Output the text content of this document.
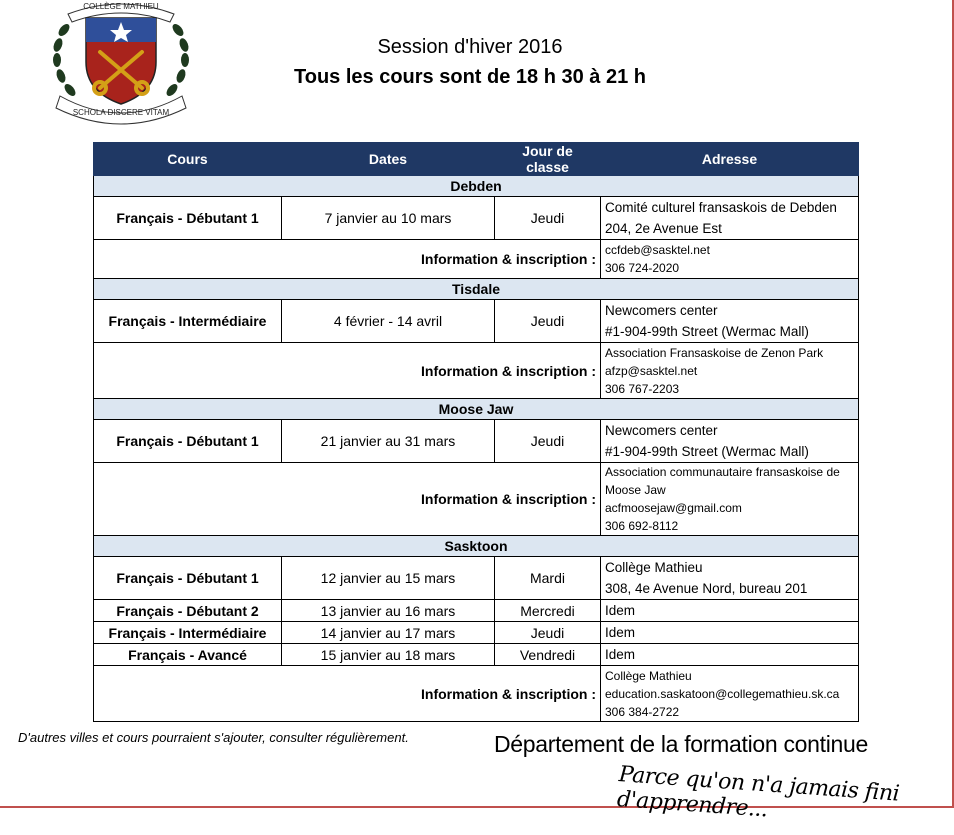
COLLÈGE MATHIEU
SCHOLA DISCERE VITAM
Session d'hiver 2016
Tous les cours sont de 18 h 30 à 21 h
Cours	Dates	Jour de classe	Adresse
Debden			
Français - Débutant 1	7 janvier au 10 mars	Jeudi	Comité culturel fransaskois de Debden
204, 2e Avenue Est

Information & inscription :			ccfdeb@sasktel.net
306 724-2020

Tisdale			
Français - Intermédiaire	4 février - 14 avril	Jeudi	Newcomers center
#1-904-99th Street (Wermac Mall)

Information & inscription :			Association Fransaskoise de Zenon Park
afzp@sasktel.net
306 767-2203

Moose Jaw			
Français - Débutant 1	21 janvier au 31 mars	Jeudi	Newcomers center
#1-904-99th Street (Wermac Mall)

Information & inscription :			Association communautaire fransaskoise de Moose Jaw
acfmoosejaw@gmail.com
306 692-8112

Sasktoon			
Français - Débutant 1	12 janvier au 15 mars	Mardi	Collège Mathieu
308, 4e Avenue Nord, bureau 201

Français - Débutant 2	13 janvier au 16 mars	Mercredi	Idem
Français - Intermédiaire	14 janvier au 17 mars	Jeudi	Idem
Français - Avancé	15 janvier au 18 mars	Vendredi	Idem
Information & inscription :			Collège Mathieu
education.saskatoon@collegemathieu.sk.ca
306 384-2722
D'autres villes et cours pourraient s'ajouter, consulter régulièrement.	Département de la formation continue
Parce qu'on n'a jamais fini d'apprendre...
